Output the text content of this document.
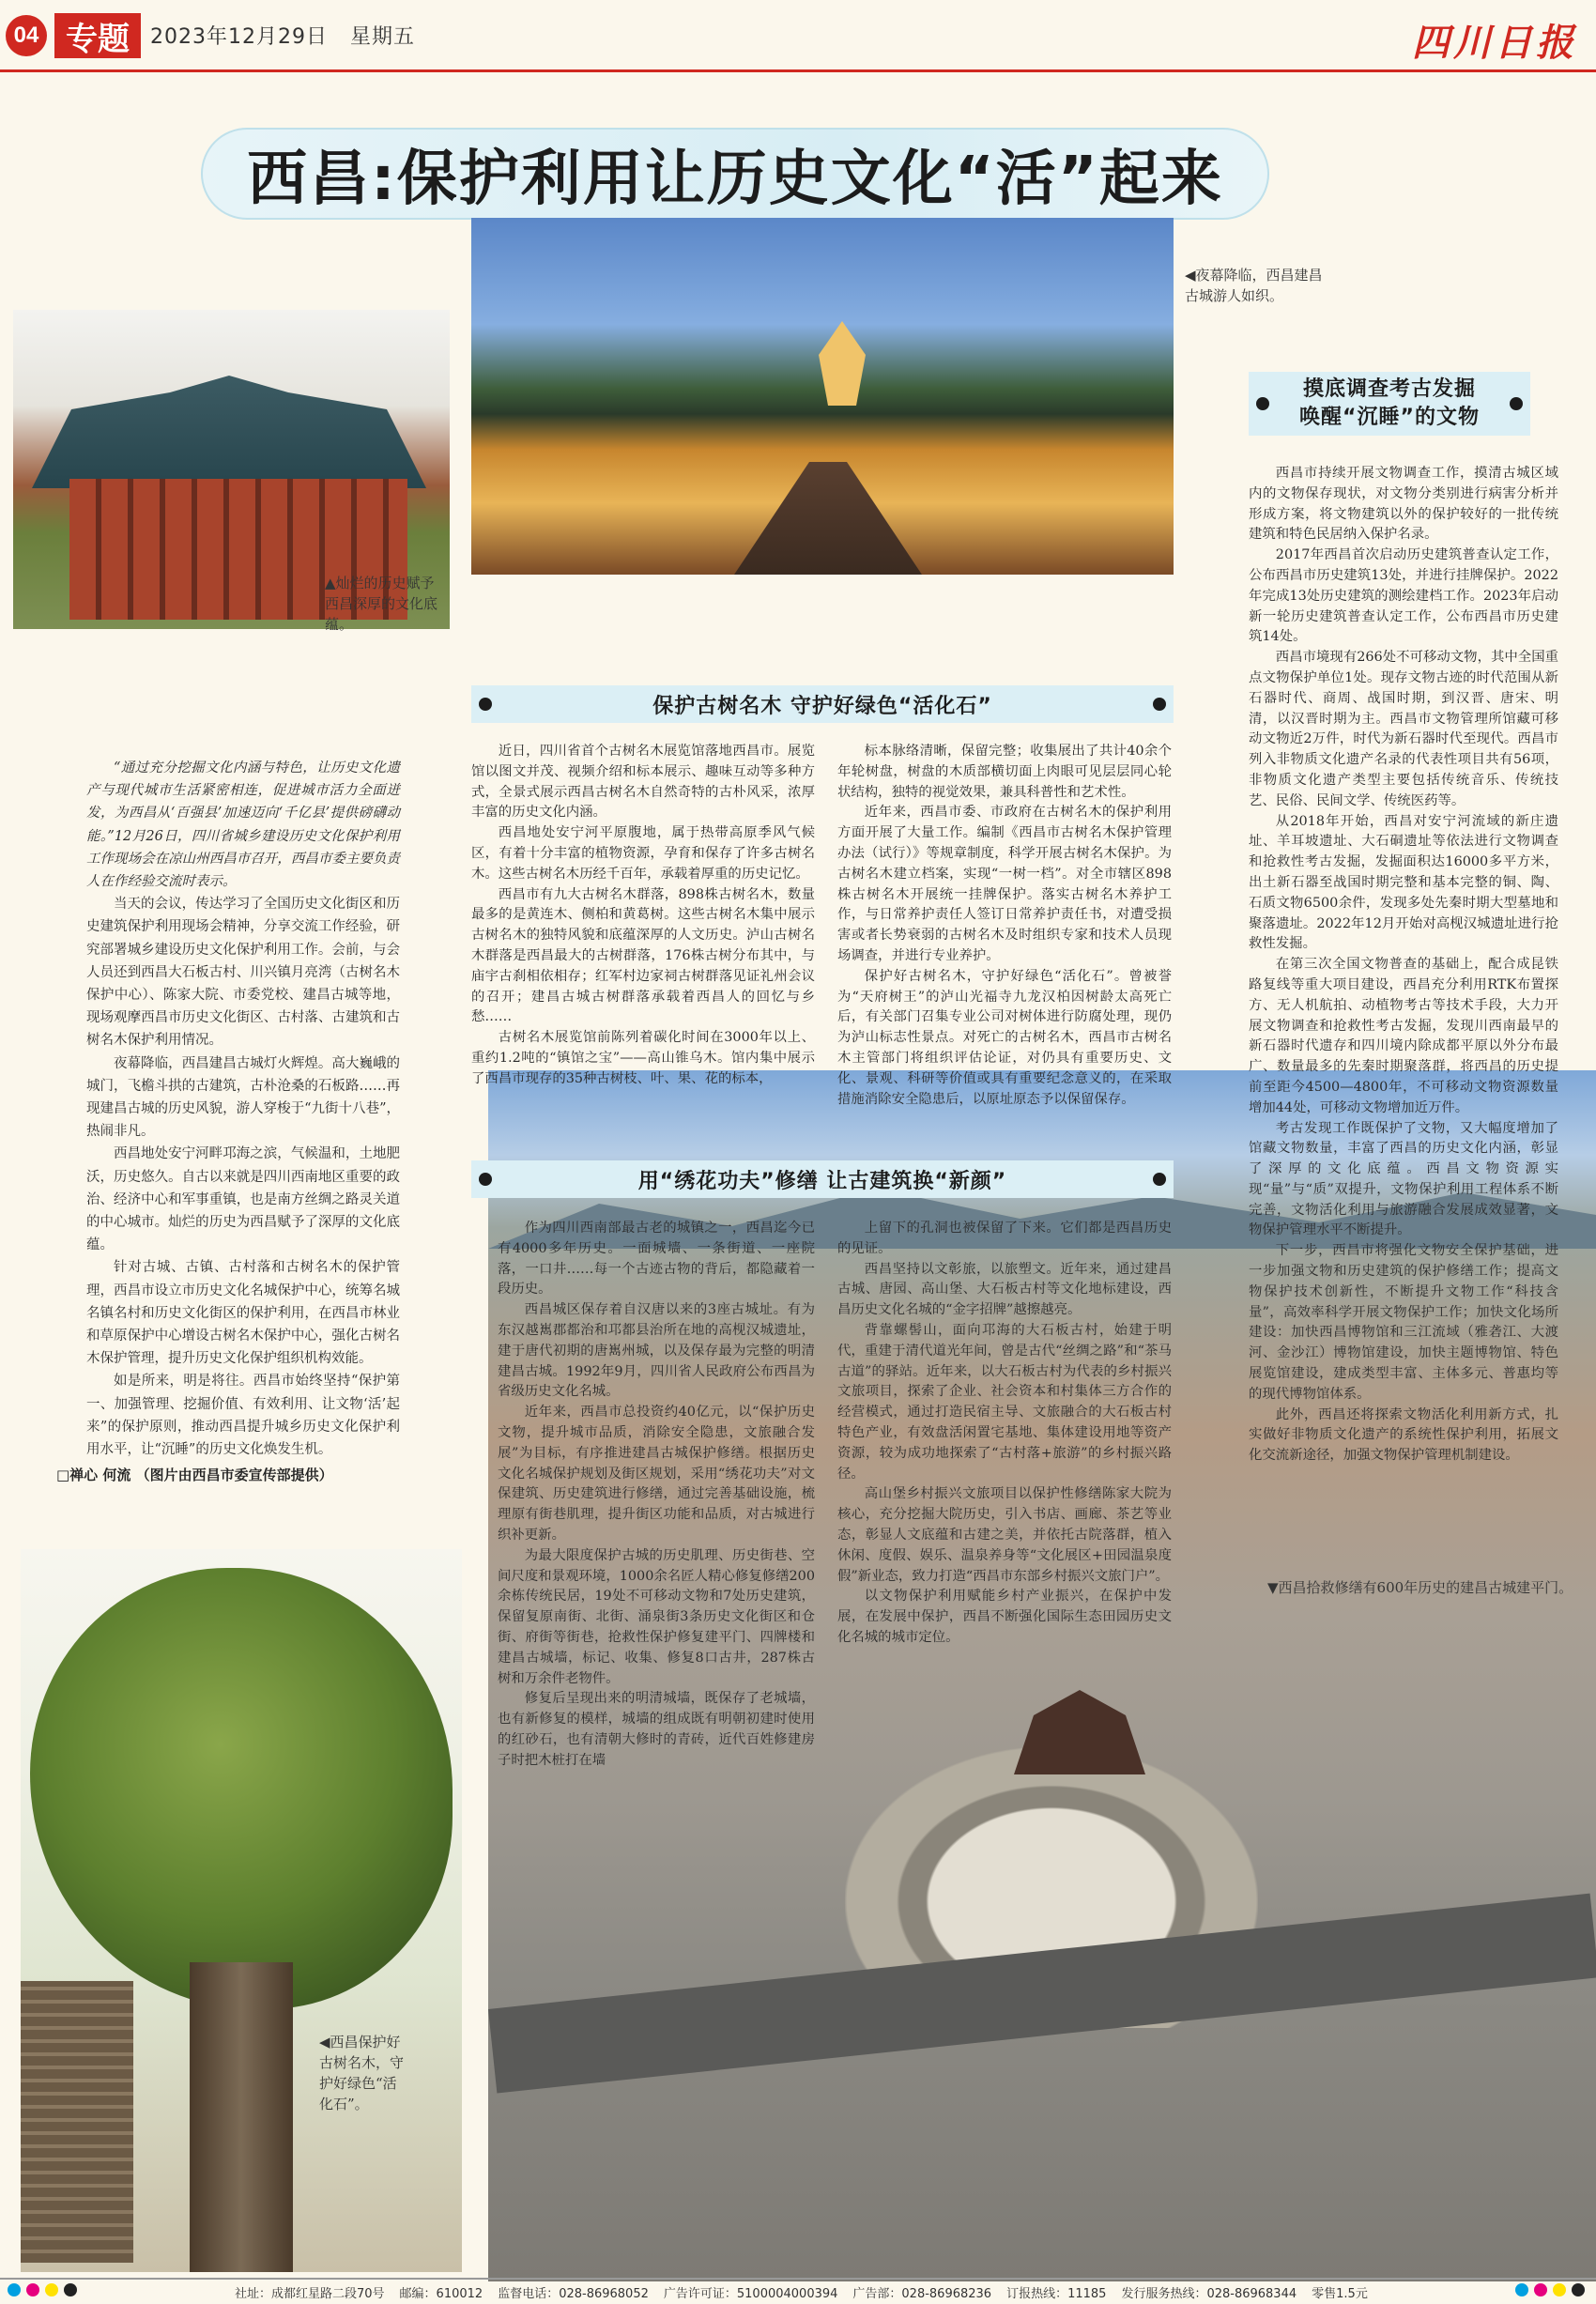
04 专题	2023年12月29日 星期五	四川日报
西昌:保护利用让历史文化“活”起来
▲灿烂的历史赋予西昌深厚的文化底蕴。
◀夜幕降临，西昌建昌古城游人如织。
◀西昌保护好古树名木，守护好绿色“活化石”。
▼西昌拾救修缮有600年历史的建昌古城建平门。

“通过充分挖掘文化内涵与特色，让历史文化遗产与现代城市生活紧密相连，促进城市活力全面迸发，为西昌从‘百强县’加速迈向‘千亿县’提供磅礴动能。”12月26日，四川省城乡建设历史文化保护利用工作现场会在凉山州西昌市召开，西昌市委主要负责人在作经验交流时表示。

当天的会议，传达学习了全国历史文化街区和历史建筑保护利用现场会精神，分享交流工作经验，研究部署城乡建设历史文化保护利用工作。会前，与会人员还到西昌大石板古村、川兴镇月亮湾（古树名木保护中心）、陈家大院、市委党校、建昌古城等地，现场观摩西昌市历史文化街区、古村落、古建筑和古树名木保护利用情况。

夜幕降临，西昌建昌古城灯火辉煌。高大巍峨的城门，飞檐斗拱的古建筑，古朴沧桑的石板路……再现建昌古城的历史风貌，游人穿梭于“九街十八巷”，热闹非凡。

西昌地处安宁河畔邛海之滨，气候温和，土地肥沃，历史悠久。自古以来就是四川西南地区重要的政治、经济中心和军事重镇，也是南方丝绸之路灵关道的中心城市。灿烂的历史为西昌赋予了深厚的文化底蕴。

针对古城、古镇、古村落和古树名木的保护管理，西昌市设立市历史文化名城保护中心，统筹名城名镇名村和历史文化街区的保护利用，在西昌市林业和草原保护中心增设古树名木保护中心，强化古树名木保护管理，提升历史文化保护组织机构效能。

如是所来，明是将往。西昌市始终坚持“保护第一、加强管理、挖掘价值、有效利用、让文物‘活’起来”的保护原则，推动西昌提升城乡历史文化保护利用水平，让“沉睡”的历史文化焕发生机。

□禅心 何流 （图片由西昌市委宣传部提供）
摸底调查考古发掘
唤醒“沉睡”的文物

西昌市持续开展文物调查工作，摸清古城区域内的文物保存现状，对文物分类别进行病害分析并形成方案，将文物建筑以外的保护较好的一批传统建筑和特色民居纳入保护名录。

2017年西昌首次启动历史建筑普查认定工作，公布西昌市历史建筑13处，并进行挂牌保护。2022年完成13处历史建筑的测绘建档工作。2023年启动新一轮历史建筑普查认定工作，公布西昌市历史建筑14处。

西昌市境现有266处不可移动文物，其中全国重点文物保护单位1处。现存文物古迹的时代范围从新石器时代、商周、战国时期，到汉晋、唐宋、明清，以汉晋时期为主。西昌市文物管理所馆藏可移动文物近2万件，时代为新石器时代至现代。西昌市列入非物质文化遗产名录的代表性项目共有56项，非物质文化遗产类型主要包括传统音乐、传统技艺、民俗、民间文学、传统医药等。

从2018年开始，西昌对安宁河流域的新庄遗址、羊耳坡遗址、大石硐遗址等依法进行文物调查和抢救性考古发掘，发掘面积达16000多平方米，出土新石器至战国时期完整和基本完整的铜、陶、石质文物6500余件，发现多处先秦时期大型墓地和聚落遗址。2022年12月开始对高枧汉城遗址进行抢救性发掘。

在第三次全国文物普查的基础上，配合成昆铁路复线等重大项目建设，西昌充分利用RTK布置探方、无人机航拍、动植物考古等技术手段，大力开展文物调查和抢救性考古发掘，发现川西南最早的新石器时代遗存和四川境内除成都平原以外分布最广、数量最多的先秦时期聚落群，将西昌的历史提前至距今4500—4800年，不可移动文物资源数量增加44处，可移动文物增加近万件。

考古发现工作既保护了文物，又大幅度增加了馆藏文物数量，丰富了西昌的历史文化内涵，彰显了深厚的文化底蕴。西昌文物资源实现“量”与“质”双提升，文物保护利用工程体系不断完善，文物活化利用与旅游融合发展成效显著，文物保护管理水平不断提升。

下一步，西昌市将强化文物安全保护基础，进一步加强文物和历史建筑的保护修缮工作；提高文物保护技术创新性，不断提升文物工作“科技含量”，高效率科学开展文物保护工作；加快文化场所建设：加快西昌博物馆和三江流域（雅砻江、大渡河、金沙江）博物馆建设，加快主题博物馆、特色展览馆建设，建成类型丰富、主体多元、普惠均等的现代博物馆体系。

此外，西昌还将探索文物活化利用新方式，扎实做好非物质文化遗产的系统性保护利用，拓展文化交流新途径，加强文物保护管理机制建设。

保护古树名木 守护好绿色“活化石”

近日，四川省首个古树名木展览馆落地西昌市。展览馆以图文并茂、视频介绍和标本展示、趣味互动等多种方式，全景式展示西昌古树名木自然奇特的古朴风采，浓厚丰富的历史文化内涵。

西昌地处安宁河平原腹地，属于热带高原季风气候区，有着十分丰富的植物资源，孕育和保存了许多古树名木。这些古树名木历经千百年，承载着厚重的历史记忆。

西昌市有九大古树名木群落，898株古树名木，数量最多的是黄连木、侧柏和黄葛树。这些古树名木集中展示古树名木的独特风貌和底蕴深厚的人文历史。泸山古树名木群落是西昌最大的古树群落，176株古树分布其中，与庙宇古刹相依相存；红军村边家祠古树群落见证礼州会议的召开；建昌古城古树群落承载着西昌人的回忆与乡愁……

古树名木展览馆前陈列着碳化时间在3000年以上、重约1.2吨的“镇馆之宝”——高山锥乌木。馆内集中展示了西昌市现存的35种古树枝、叶、果、花的标本，

标本脉络清晰，保留完整；收集展出了共计40余个年轮树盘，树盘的木质部横切面上肉眼可见层层同心轮状结构，独特的视觉效果，兼具科普性和艺术性。

近年来，西昌市委、市政府在古树名木的保护利用方面开展了大量工作。编制《西昌市古树名木保护管理办法（试行）》等规章制度，科学开展古树名木保护。为古树名木建立档案，实现“一树一档”。对全市辖区898株古树名木开展统一挂牌保护。落实古树名木养护工作，与日常养护责任人签订日常养护责任书，对遭受损害或者长势衰弱的古树名木及时组织专家和技术人员现场调查，并进行专业养护。

保护好古树名木，守护好绿色“活化石”。曾被誉为“天府树王”的泸山光福寺九龙汉柏因树龄太高死亡后，有关部门召集专业公司对树体进行防腐处理，现仍为泸山标志性景点。对死亡的古树名木，西昌市古树名木主管部门将组织评估论证，对仍具有重要历史、文化、景观、科研等价值或具有重要纪念意义的，在采取措施消除安全隐患后，以原址原态予以保留保存。

用“绣花功夫”修缮 让古建筑换“新颜”

作为四川西南部最古老的城镇之一，西昌迄今已有4000多年历史。一面城墙、一条街道、一座院落，一口井……每一个古迹古物的背后，都隐藏着一段历史。

西昌城区保存着自汉唐以来的3座古城址。有为东汉越嶲郡都治和邛都县治所在地的高枧汉城遗址，建于唐代初期的唐嶲州城，以及保存最为完整的明清建昌古城。1992年9月，四川省人民政府公布西昌为省级历史文化名城。

近年来，西昌市总投资约40亿元，以“保护历史文物，提升城市品质，消除安全隐患，文旅融合发展”为目标，有序推进建昌古城保护修缮。根据历史文化名城保护规划及街区规划，采用“绣花功夫”对文保建筑、历史建筑进行修缮，通过完善基础设施，梳理原有街巷肌理，提升街区功能和品质，对古城进行织补更新。

为最大限度保护古城的历史肌理、历史街巷、空间尺度和景观环境，1000余名匠人精心修复修缮200余栋传统民居，19处不可移动文物和7处历史建筑，保留复原南街、北街、涌泉街3条历史文化街区和仓街、府街等街巷，抢救性保护修复建平门、四牌楼和建昌古城墙，标记、收集、修复8口古井，287株古树和万余件老物件。

修复后呈现出来的明清城墙，既保存了老城墙，也有新修复的模样，城墙的组成既有明朝初建时使用的红砂石，也有清朝大修时的青砖，近代百姓修建房子时把木桩打在墙

上留下的孔洞也被保留了下来。它们都是西昌历史的见证。

西昌坚持以文彰旅，以旅塑文。近年来，通过建昌古城、唐园、高山堡、大石板古村等文化地标建设，西昌历史文化名城的“金字招牌”越擦越亮。

背靠螺髻山，面向邛海的大石板古村，始建于明代，重建于清代道光年间，曾是古代“丝绸之路”和“茶马古道”的驿站。近年来，以大石板古村为代表的乡村振兴文旅项目，探索了企业、社会资本和村集体三方合作的经营模式，通过打造民宿主导、文旅融合的大石板古村特色产业，有效盘活闲置宅基地、集体建设用地等资产资源，较为成功地探索了“古村落+旅游”的乡村振兴路径。

高山堡乡村振兴文旅项目以保护性修缮陈家大院为核心，充分挖掘大院历史，引入书店、画廊、茶艺等业态，彰显人文底蕴和古建之美，并依托古院落群，植入休闲、度假、娱乐、温泉养身等“文化展区+田园温泉度假”新业态，致力打造“西昌市东部乡村振兴文旅门户”。

以文物保护利用赋能乡村产业振兴，在保护中发展，在发展中保护，西昌不断强化国际生态田园历史文化名城的城市定位。

社址：成都红星路二段70号 邮编：610012 监督电话：028-86968052 广告许可证：5100004000394 广告部：028-86968236 订报热线：11185 发行服务热线：028-86968344 零售1.5元
